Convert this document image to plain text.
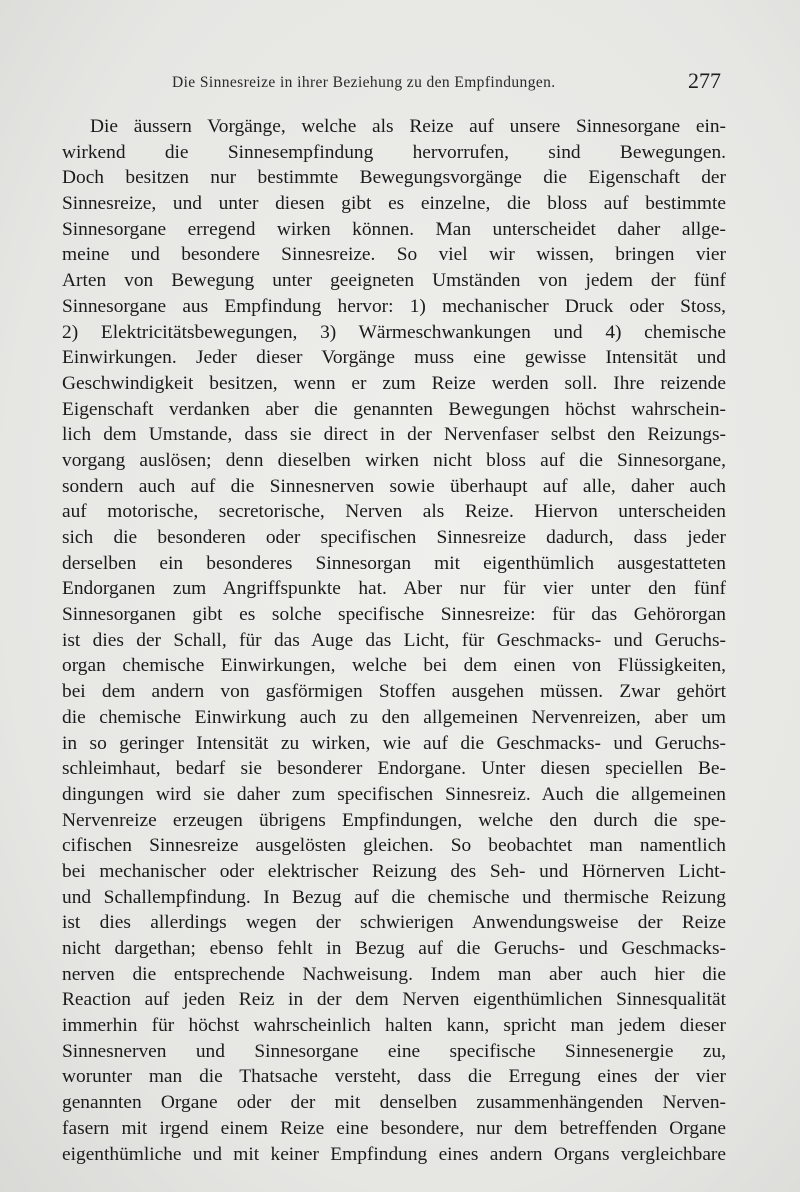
Die Sinnesreize in ihrer Beziehung zu den Empfindungen.	277
Die äussern Vorgänge, welche als Reize auf unsere Sinnesorgane ein-
wirkend die Sinnesempfindung hervorrufen, sind Bewegungen.
Doch besitzen nur bestimmte Bewegungsvorgänge die Eigenschaft der
Sinnesreize, und unter diesen gibt es einzelne, die bloss auf bestimmte
Sinnesorgane erregend wirken können. Man unterscheidet daher allge-
meine und besondere Sinnesreize. So viel wir wissen, bringen vier
Arten von Bewegung unter geeigneten Umständen von jedem der fünf
Sinnesorgane aus Empfindung hervor: 1) mechanischer Druck oder Stoss,
2) Elektricitätsbewegungen, 3) Wärmeschwankungen und 4) chemische
Einwirkungen. Jeder dieser Vorgänge muss eine gewisse Intensität und
Geschwindigkeit besitzen, wenn er zum Reize werden soll. Ihre reizende
Eigenschaft verdanken aber die genannten Bewegungen höchst wahrschein-
lich dem Umstande, dass sie direct in der Nervenfaser selbst den Reizungs-
vorgang auslösen; denn dieselben wirken nicht bloss auf die Sinnesorgane,
sondern auch auf die Sinnesnerven sowie überhaupt auf alle, daher auch
auf motorische, secretorische, Nerven als Reize. Hiervon unterscheiden
sich die besonderen oder specifischen Sinnesreize dadurch, dass jeder
derselben ein besonderes Sinnesorgan mit eigenthümlich ausgestatteten
Endorganen zum Angriffspunkte hat. Aber nur für vier unter den fünf
Sinnesorganen gibt es solche specifische Sinnesreize: für das Gehörorgan
ist dies der Schall, für das Auge das Licht, für Geschmacks- und Geruchs-
organ chemische Einwirkungen, welche bei dem einen von Flüssigkeiten,
bei dem andern von gasförmigen Stoffen ausgehen müssen. Zwar gehört
die chemische Einwirkung auch zu den allgemeinen Nervenreizen, aber um
in so geringer Intensität zu wirken, wie auf die Geschmacks- und Geruchs-
schleimhaut, bedarf sie besonderer Endorgane. Unter diesen speciellen Be-
dingungen wird sie daher zum specifischen Sinnesreiz. Auch die allgemeinen
Nervenreize erzeugen übrigens Empfindungen, welche den durch die spe-
cifischen Sinnesreize ausgelösten gleichen. So beobachtet man namentlich
bei mechanischer oder elektrischer Reizung des Seh- und Hörnerven Licht-
und Schallempfindung. In Bezug auf die chemische und thermische Reizung
ist dies allerdings wegen der schwierigen Anwendungsweise der Reize
nicht dargethan; ebenso fehlt in Bezug auf die Geruchs- und Geschmacks-
nerven die entsprechende Nachweisung. Indem man aber auch hier die
Reaction auf jeden Reiz in der dem Nerven eigenthümlichen Sinnesqualität
immerhin für höchst wahrscheinlich halten kann, spricht man jedem dieser
Sinnesnerven und Sinnesorgane eine specifische Sinnesenergie zu,
worunter man die Thatsache versteht, dass die Erregung eines der vier
genannten Organe oder der mit denselben zusammenhängenden Nerven-
fasern mit irgend einem Reize eine besondere, nur dem betreffenden Organe
eigenthümliche und mit keiner Empfindung eines andern Organs vergleichbare
